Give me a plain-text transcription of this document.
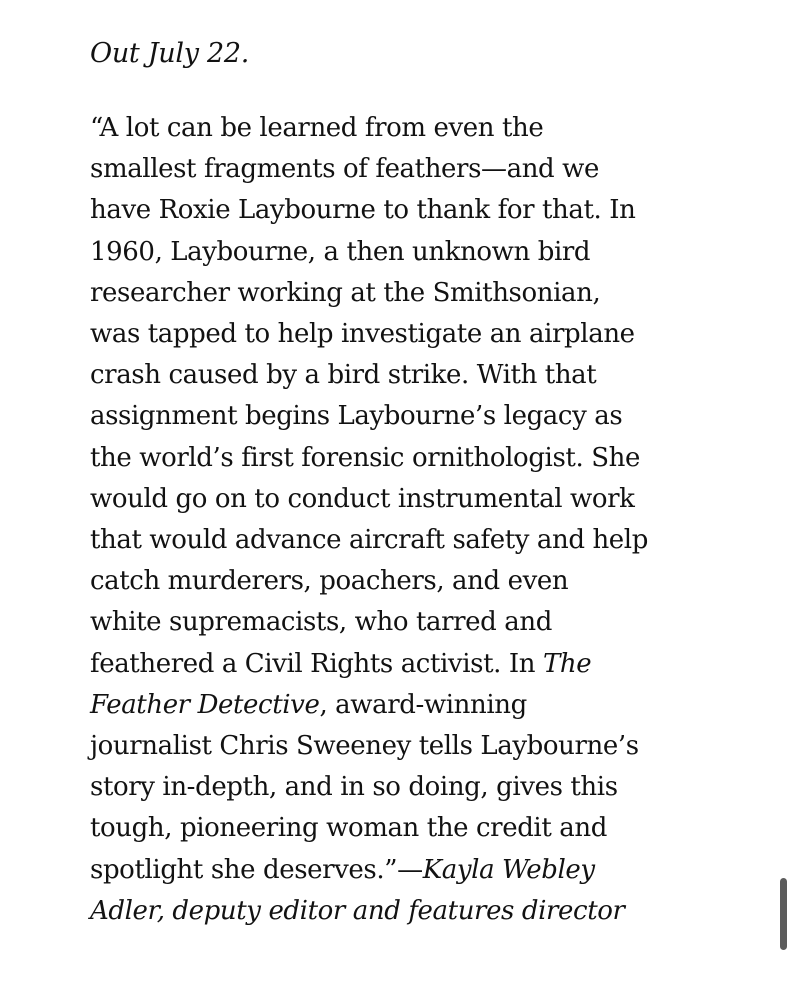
Out July 22.

“A lot can be learned from even the
smallest fragments of feathers—and we
have Roxie Laybourne to thank for that. In
1960, Laybourne, a then unknown bird
researcher working at the Smithsonian,
was tapped to help investigate an airplane
crash caused by a bird strike. With that
assignment begins Laybourne’s legacy as
the world’s first forensic ornithologist. She
would go on to conduct instrumental work
that would advance aircraft safety and help
catch murderers, poachers, and even
white supremacists, who tarred and
feathered a Civil Rights activist. In The
Feather Detective, award-winning
journalist Chris Sweeney tells Laybourne’s
story in-depth, and in so doing, gives this
tough, pioneering woman the credit and
spotlight she deserves.”—Kayla Webley
Adler, deputy editor and features director
